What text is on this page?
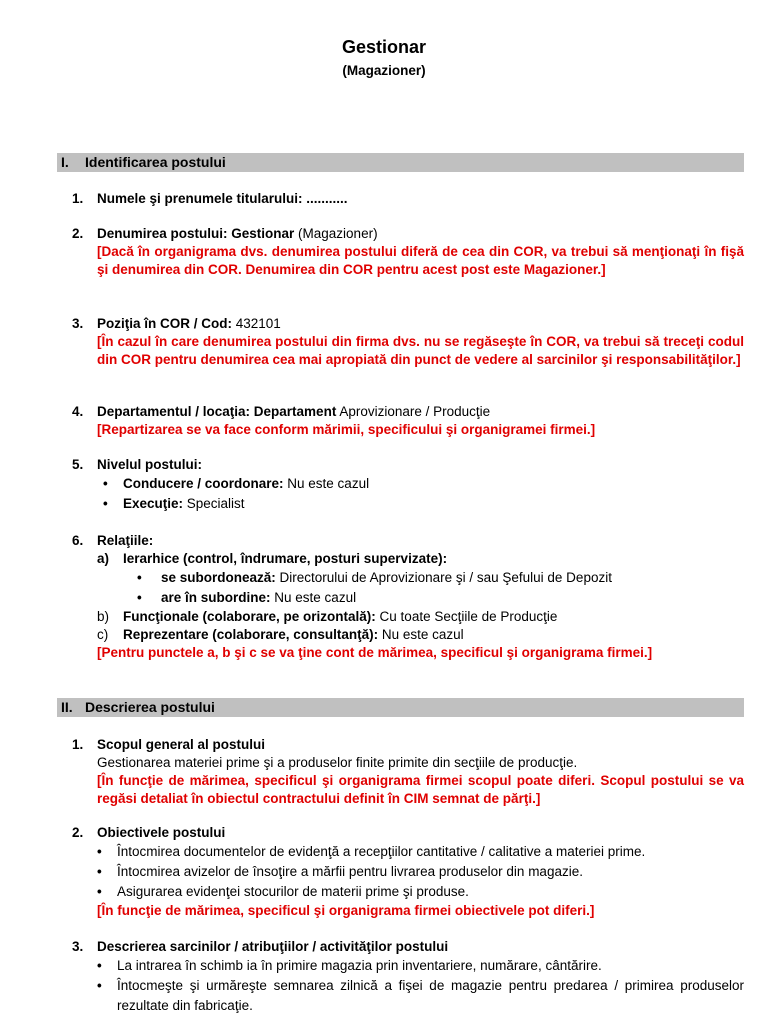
Gestionar
(Magazioner)
I. Identificarea postului
1. Numele şi prenumele titularului: ...........
2. Denumirea postului: Gestionar (Magazioner)
[Dacă în organigrama dvs. denumirea postului diferă de cea din COR, va trebui să menţionaţi în fişă şi denumirea din COR. Denumirea din COR pentru acest post este Magazioner.]
3. Poziţia în COR / Cod: 432101
[În cazul în care denumirea postului din firma dvs. nu se regăseşte în COR, va trebui să treceţi codul din COR pentru denumirea cea mai apropiată din punct de vedere al sarcinilor şi responsabilităţilor.]
4. Departamentul / locaţia: Departament Aprovizionare / Producţie
[Repartizarea se va face conform mărimii, specificului şi organigramei firmei.]
5. Nivelul postului:
• Conducere / coordonare: Nu este cazul
• Execuţie: Specialist
6. Relaţiile:
a) Ierarhice (control, îndrumare, posturi supervizate):
• se subordonează: Directorului de Aprovizionare şi / sau Şefului de Depozit
• are în subordine: Nu este cazul
b) Funcţionale (colaborare, pe orizontală): Cu toate Secţiile de Producţie
c) Reprezentare (colaborare, consultanţă): Nu este cazul
[Pentru punctele a, b şi c se va ţine cont de mărimea, specificul şi organigrama firmei.]
II. Descrierea postului
1. Scopul general al postului
Gestionarea materiei prime şi a produselor finite primite din secţiile de producţie.
[În funcţie de mărimea, specificul şi organigrama firmei scopul poate diferi. Scopul postului se va regăsi detaliat în obiectul contractului definit în CIM semnat de părţi.]
2. Obiectivele postului
• Întocmirea documentelor de evidenţă a recepţiilor cantitative / calitative a materiei prime.
• Întocmirea avizelor de însoţire a mărfii pentru livrarea produselor din magazie.
• Asigurarea evidenţei stocurilor de materii prime şi produse.
[În funcţie de mărimea, specificul şi organigrama firmei obiectivele pot diferi.]
3. Descrierea sarcinilor / atribuţiilor / activităţilor postului
• La intrarea în schimb ia în primire magazia prin inventariere, numărare, cântărire.
• Întocmeşte şi urmăreşte semnarea zilnică a fişei de magazie pentru predarea / primirea produselor rezultate din fabricaţie.
